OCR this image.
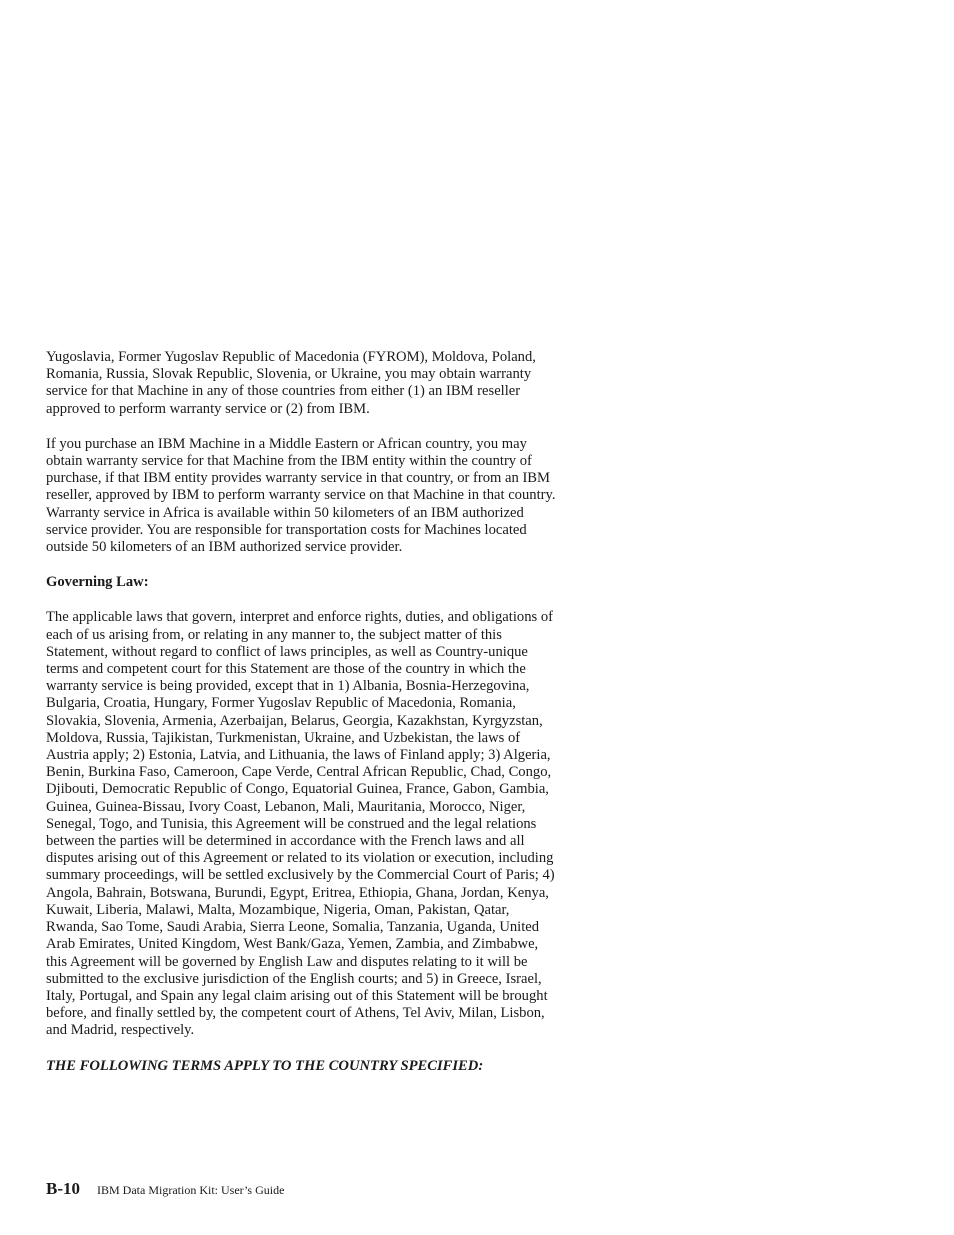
Yugoslavia, Former Yugoslav Republic of Macedonia (FYROM), Moldova, Poland, Romania, Russia, Slovak Republic, Slovenia, or Ukraine, you may obtain warranty service for that Machine in any of those countries from either (1) an IBM reseller approved to perform warranty service or (2) from IBM.

If you purchase an IBM Machine in a Middle Eastern or African country, you may obtain warranty service for that Machine from the IBM entity within the country of purchase, if that IBM entity provides warranty service in that country, or from an IBM reseller, approved by IBM to perform warranty service on that Machine in that country. Warranty service in Africa is available within 50 kilometers of an IBM authorized service provider. You are responsible for transportation costs for Machines located outside 50 kilometers of an IBM authorized service provider.

Governing Law:

The applicable laws that govern, interpret and enforce rights, duties, and obligations of each of us arising from, or relating in any manner to, the subject matter of this Statement, without regard to conflict of laws principles, as well as Country-unique terms and competent court for this Statement are those of the country in which the warranty service is being provided, except that in 1) Albania, Bosnia-Herzegovina, Bulgaria, Croatia, Hungary, Former Yugoslav Republic of Macedonia, Romania, Slovakia, Slovenia, Armenia, Azerbaijan, Belarus, Georgia, Kazakhstan, Kyrgyzstan, Moldova, Russia, Tajikistan, Turkmenistan, Ukraine, and Uzbekistan, the laws of Austria apply; 2) Estonia, Latvia, and Lithuania, the laws of Finland apply; 3) Algeria, Benin, Burkina Faso, Cameroon, Cape Verde, Central African Republic, Chad, Congo, Djibouti, Democratic Republic of Congo, Equatorial Guinea, France, Gabon, Gambia, Guinea, Guinea-Bissau, Ivory Coast, Lebanon, Mali, Mauritania, Morocco, Niger, Senegal, Togo, and Tunisia, this Agreement will be construed and the legal relations between the parties will be determined in accordance with the French laws and all disputes arising out of this Agreement or related to its violation or execution, including summary proceedings, will be settled exclusively by the Commercial Court of Paris; 4) Angola, Bahrain, Botswana, Burundi, Egypt, Eritrea, Ethiopia, Ghana, Jordan, Kenya, Kuwait, Liberia, Malawi, Malta, Mozambique, Nigeria, Oman, Pakistan, Qatar, Rwanda, Sao Tome, Saudi Arabia, Sierra Leone, Somalia, Tanzania, Uganda, United Arab Emirates, United Kingdom, West Bank/Gaza, Yemen, Zambia, and Zimbabwe, this Agreement will be governed by English Law and disputes relating to it will be submitted to the exclusive jurisdiction of the English courts; and 5) in Greece, Israel, Italy, Portugal, and Spain any legal claim arising out of this Statement will be brought before, and finally settled by, the competent court of Athens, Tel Aviv, Milan, Lisbon, and Madrid, respectively.

THE FOLLOWING TERMS APPLY TO THE COUNTRY SPECIFIED:

B-10 IBM Data Migration Kit: User’s Guide
